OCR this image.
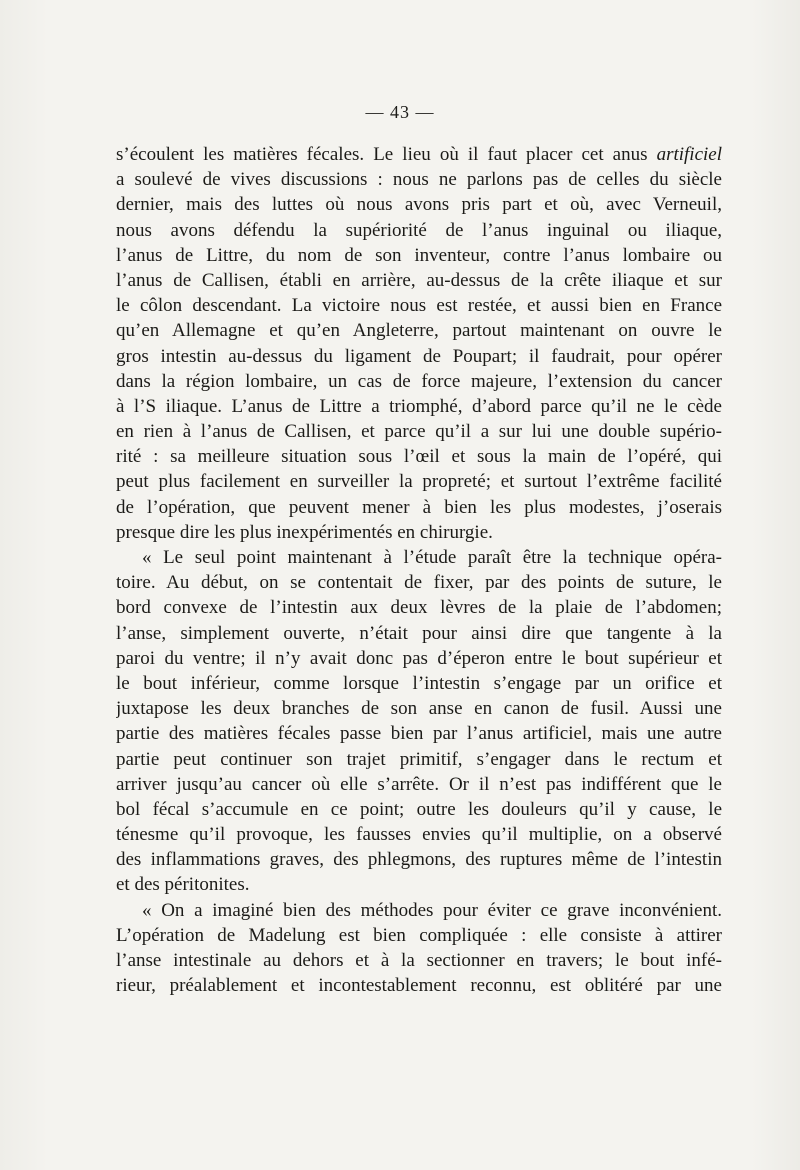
— 43 —
s’écoulent les matières fécales. Le lieu où il faut placer cet anus artificiel
a soulevé de vives discussions : nous ne parlons pas de celles du siècle
dernier, mais des luttes où nous avons pris part et où, avec Verneuil,
nous avons défendu la supériorité de l’anus inguinal ou iliaque,
l’anus de Littre, du nom de son inventeur, contre l’anus lombaire ou
l’anus de Callisen, établi en arrière, au-dessus de la crête iliaque et sur
le côlon descendant. La victoire nous est restée, et aussi bien en France
qu’en Allemagne et qu’en Angleterre, partout maintenant on ouvre le
gros intestin au-dessus du ligament de Poupart; il faudrait, pour opérer
dans la région lombaire, un cas de force majeure, l’extension du cancer
à l’S iliaque. L’anus de Littre a triomphé, d’abord parce qu’il ne le cède
en rien à l’anus de Callisen, et parce qu’il a sur lui une double supério-
rité : sa meilleure situation sous l’œil et sous la main de l’opéré, qui
peut plus facilement en surveiller la propreté; et surtout l’extrême facilité
de l’opération, que peuvent mener à bien les plus modestes, j’oserais
presque dire les plus inexpérimentés en chirurgie.
« Le seul point maintenant à l’étude paraît être la technique opéra-
toire. Au début, on se contentait de fixer, par des points de suture, le
bord convexe de l’intestin aux deux lèvres de la plaie de l’abdomen;
l’anse, simplement ouverte, n’était pour ainsi dire que tangente à la
paroi du ventre; il n’y avait donc pas d’éperon entre le bout supérieur et
le bout inférieur, comme lorsque l’intestin s’engage par un orifice et
juxtapose les deux branches de son anse en canon de fusil. Aussi une
partie des matières fécales passe bien par l’anus artificiel, mais une autre
partie peut continuer son trajet primitif, s’engager dans le rectum et
arriver jusqu’au cancer où elle s’arrête. Or il n’est pas indifférent que le
bol fécal s’accumule en ce point; outre les douleurs qu’il y cause, le
ténesme qu’il provoque, les fausses envies qu’il multiplie, on a observé
des inflammations graves, des phlegmons, des ruptures même de l’intestin
et des péritonites.
« On a imaginé bien des méthodes pour éviter ce grave inconvénient.
L’opération de Madelung est bien compliquée : elle consiste à attirer
l’anse intestinale au dehors et à la sectionner en travers; le bout infé-
rieur, préalablement et incontestablement reconnu, est oblitéré par une
